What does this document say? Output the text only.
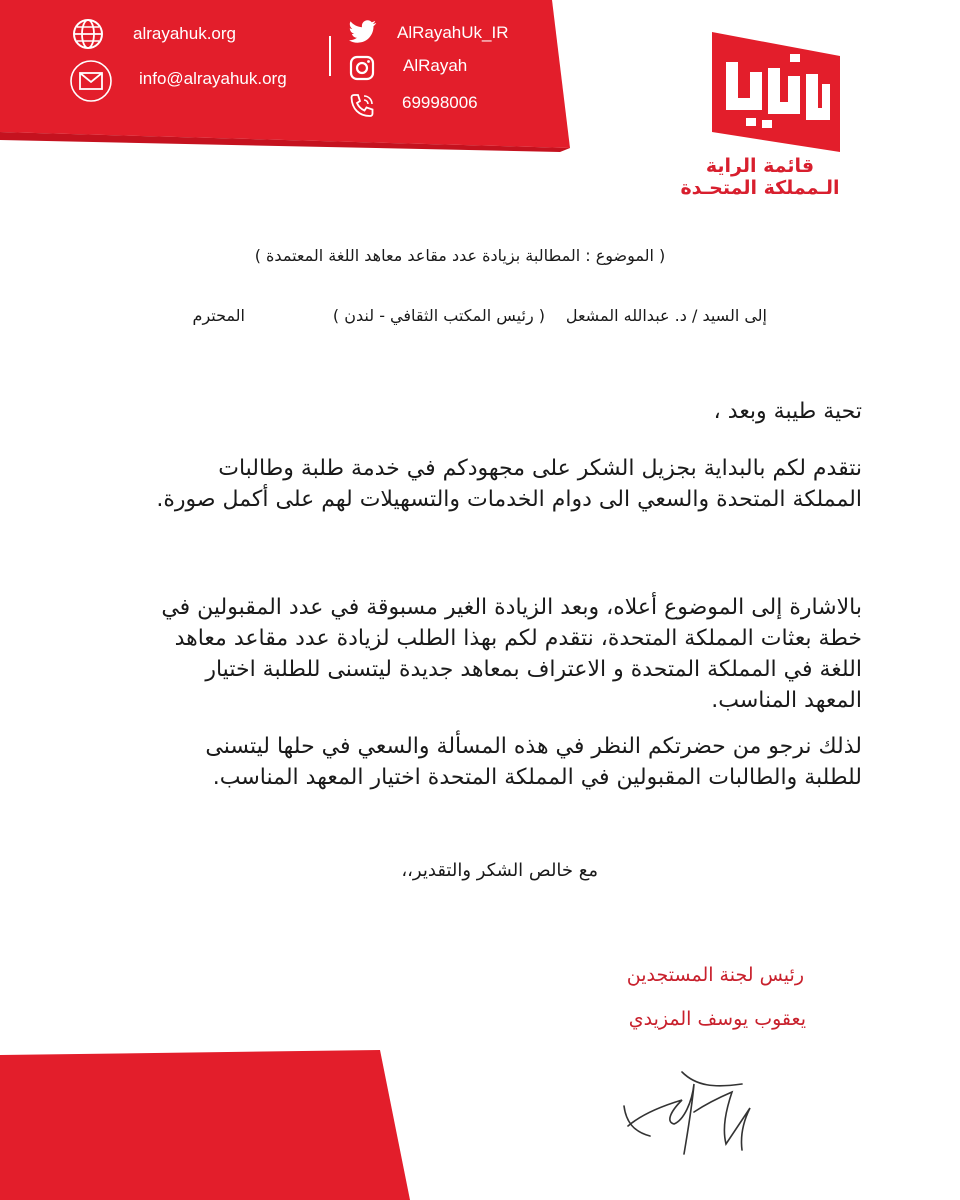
alrayahuk.org
info@alrayahuk.org
AlRayahUk_IR
AlRayah
69998006
قائمة الراية
الـمملكة المتحـدة
( الموضوع : المطالبة بزيادة عدد مقاعد معاهد اللغة المعتمدة )
إلى السيد / د. عبدالله المشعل
( رئيس المكتب الثقافي - لندن )
المحترم
تحية طيبة وبعد ،
نتقدم لكم بالبداية بجزيل الشكر على مجهودكم في خدمة طلبة وطالبات المملكة المتحدة والسعي الى دوام الخدمات والتسهيلات لهم على أكمل صورة.
بالاشارة إلى الموضوع أعلاه، وبعد الزيادة الغير مسبوقة في عدد المقبولين في خطة بعثات المملكة المتحدة، نتقدم لكم بهذا الطلب لزيادة عدد مقاعد معاهد اللغة في المملكة المتحدة و الاعتراف بمعاهد جديدة ليتسنى للطلبة اختيار المعهد المناسب.
لذلك نرجو من حضرتكم النظر في هذه المسألة والسعي في حلها ليتسنى للطلبة والطالبات المقبولين في المملكة المتحدة اختيار المعهد المناسب.
مع خالص الشكر والتقدير،،
رئيس لجنة المستجدين
يعقوب يوسف المزيدي
